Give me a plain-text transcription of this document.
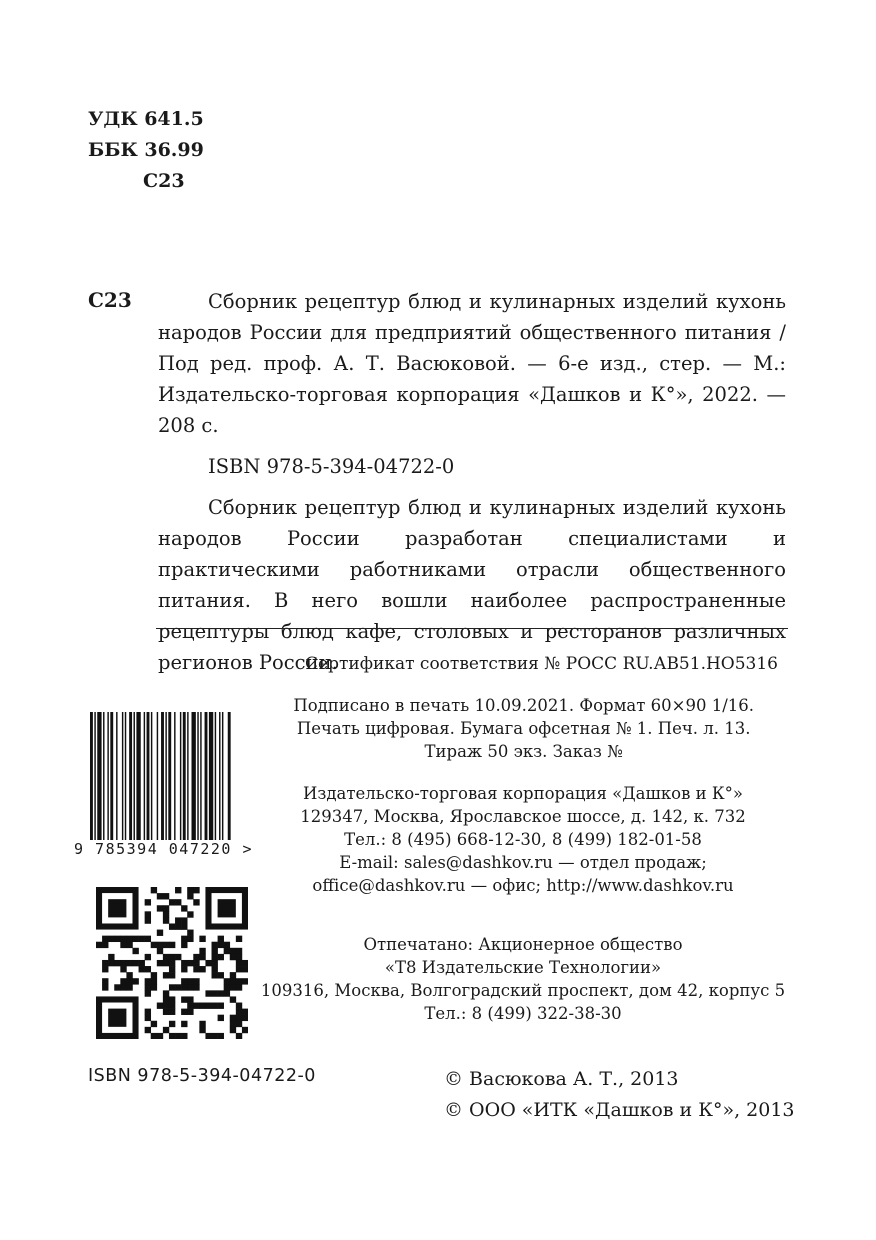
УДК 641.5
ББК 36.99
С23
С23	Сборник рецептур блюд и кулинарных изделий кухонь народов России для предприятий общественного питания / Под ред. проф. А. Т. Васюковой. — 6-е изд., стер. — М.: Издательско-торговая корпорация «Дашков и К°», 2022. — 208 с.

ISBN 978-5-394-04722-0

Сборник рецептур блюд и кулинарных изделий кухонь народов России разработан специалистами и практическими работниками отрасли общественного питания. В него вошли наиболее распространенные рецептуры блюд кафе, столовых и ресторанов различных регионов России.

Сертификат соответствия № РОСС RU.АВ51.НО5316
Подписано в печать 10.09.2021. Формат 60×90 1/16.
Печать цифровая. Бумага офсетная № 1. Печ. л. 13.
Тираж 50 экз. Заказ №
Издательско-торговая корпорация «Дашков и К°»
129347, Москва, Ярославское шоссе, д. 142, к. 732
Тел.: 8 (495) 668-12-30, 8 (499) 182-01-58
E-mail: sales@dashkov.ru — отдел продаж;
office@dashkov.ru — офис; http://www.dashkov.ru
Отпечатано: Акционерное общество
«Т8 Издательские Технологии»
109316, Москва, Волгоградский проспект, дом 42, корпус 5
Тел.: 8 (499) 322-38-30
9 785394 047220 >
ISBN 978-5-394-04722-0	© Васюкова А. Т., 2013
© ООО «ИТК «Дашков и К°», 2013
